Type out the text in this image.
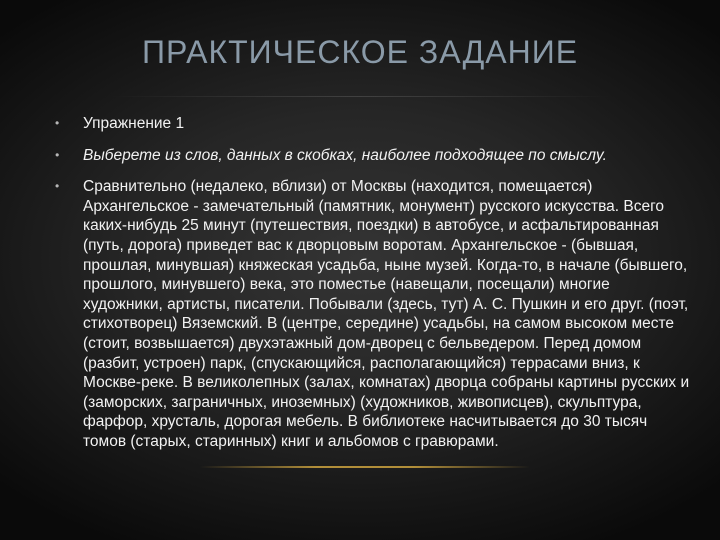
ПРАКТИЧЕСКОЕ ЗАДАНИЕ
• Упражнение 1
• Выберете из слов, данных в скобках, наиболее подходящее по смыслу.
• Сравнительно (недалеко, вблизи) от Москвы (находится, помещается) Архангельское - замечательный (памятник, монумент) русского искусства. Всего каких-нибудь 25 минут (путешествия, поездки) в автобусе, и асфальтированная (путь, дорога) приведет вас к дворцовым воротам. Архангельское - (бывшая, прошлая, минувшая) княжеская усадьба, ныне музей. Когда-то, в начале (бывшего, прошлого, минувшего) века, это поместье (навещали, посещали) многие художники, артисты, писатели. Побывали (здесь, тут) А. С. Пушкин и его друг. (поэт, стихотворец) Вяземский. В (центре, середине) усадьбы, на самом высоком месте (стоит, возвышается) двухэтажный дом-дворец с бельведером. Перед домом (разбит, устроен) парк, (спускающийся, располагающийся) террасами вниз, к Москве-реке. В великолепных (залах, комнатах) дворца собраны картины русских и (заморских, заграничных, иноземных) (художников, живописцев), скульптура, фарфор, хрусталь, дорогая мебель. В библиотеке насчитывается до 30 тысяч томов (старых, старинных) книг и альбомов с гравюрами.
